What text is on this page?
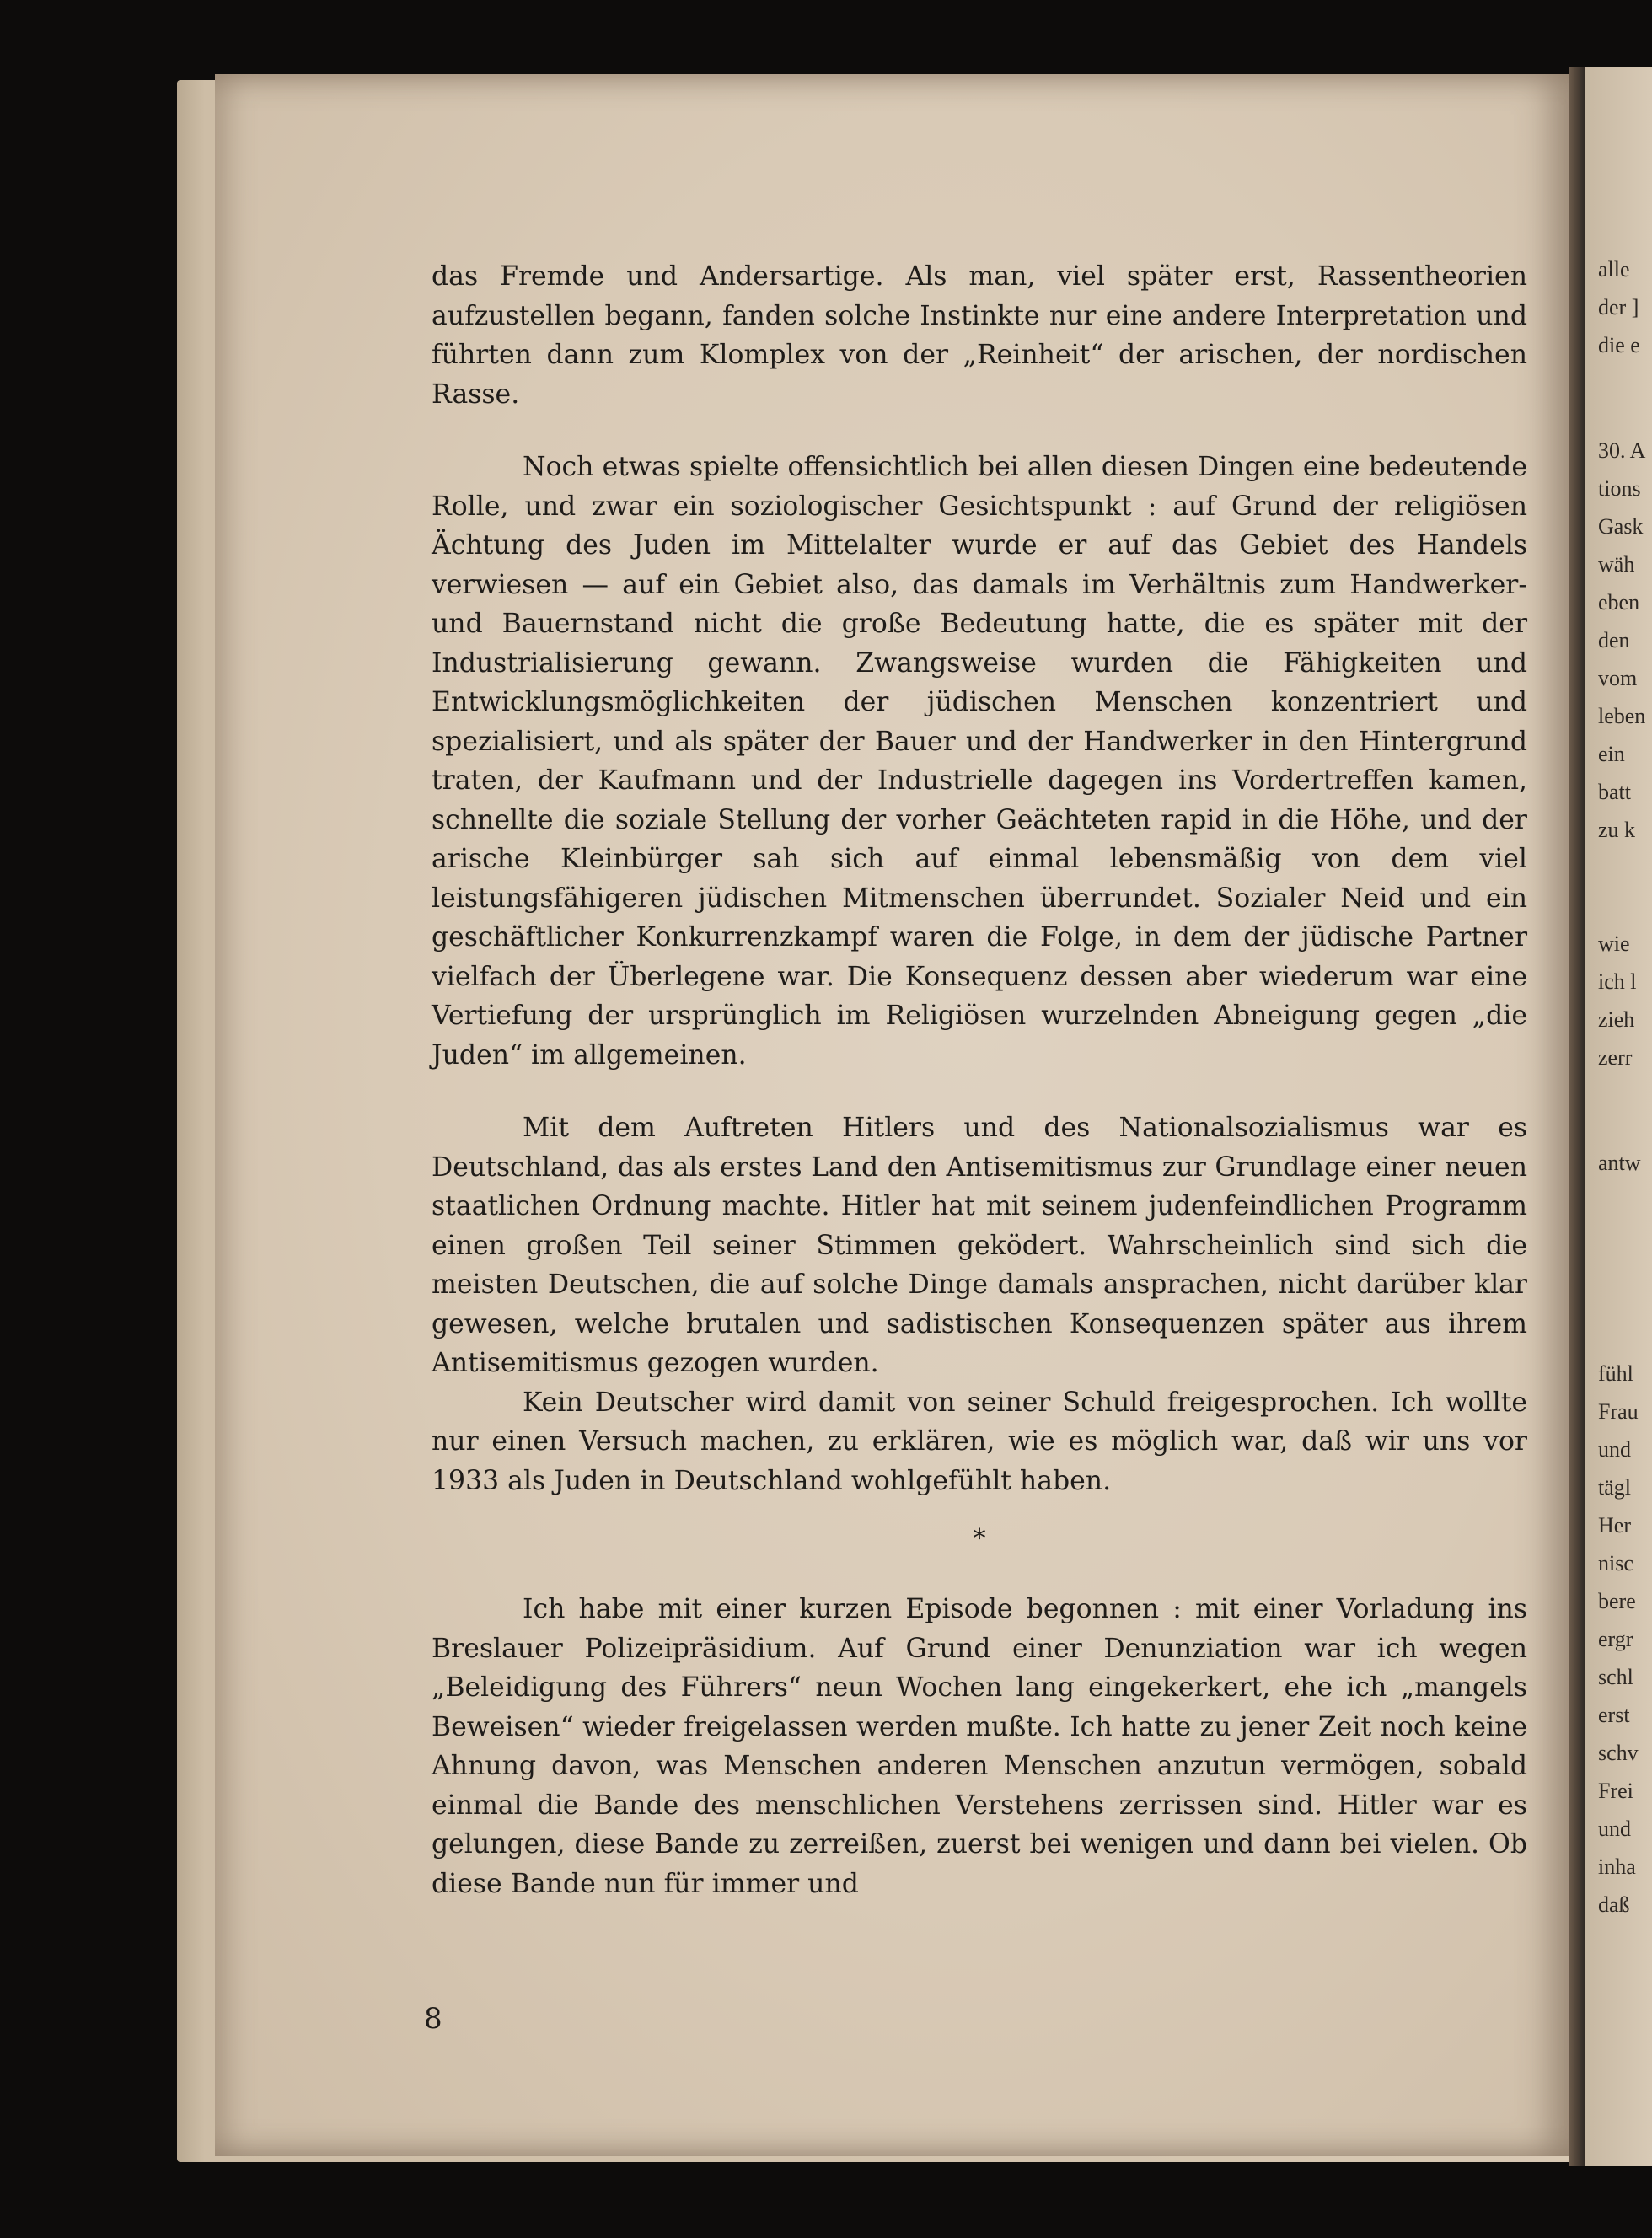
alle
der ]
die e
30. A
tions
Gask
wäh
eben
den
vom
leben
ein
batt
zu k
wie
ich l
zieh
zerr
antw
fühl
Frau
und
tägl
Her
nisc
bere
ergr
schl
erst
schv
Frei
und
inha
daß

das Fremde und Andersartige. Als man, viel später erst, Rassentheorien aufzustellen begann, fanden solche Instinkte nur eine andere Interpretation und führten dann zum Klomplex von der „Reinheit“ der arischen, der nordischen Rasse.

Noch etwas spielte offensichtlich bei allen diesen Dingen eine bedeutende Rolle, und zwar ein soziologischer Gesichtspunkt : auf Grund der religiösen Ächtung des Juden im Mittelalter wurde er auf das Gebiet des Handels verwiesen — auf ein Gebiet also, das damals im Verhältnis zum Handwerker- und Bauernstand nicht die große Bedeutung hatte, die es später mit der Industrialisierung gewann. Zwangsweise wurden die Fähigkeiten und Entwicklungsmöglichkeiten der jüdischen Menschen konzentriert und spezialisiert, und als später der Bauer und der Handwerker in den Hintergrund traten, der Kaufmann und der Industrielle dagegen ins Vordertreffen kamen, schnellte die soziale Stellung der vorher Geächteten rapid in die Höhe, und der arische Kleinbürger sah sich auf einmal lebensmäßig von dem viel leistungsfähigeren jüdischen Mitmenschen überrundet. Sozialer Neid und ein geschäftlicher Konkurrenzkampf waren die Folge, in dem der jüdische Partner vielfach der Überlegene war. Die Konsequenz dessen aber wiederum war eine Vertiefung der ursprünglich im Religiösen wurzelnden Abneigung gegen „die Juden“ im allgemeinen.

Mit dem Auftreten Hitlers und des Nationalsozialismus war es Deutschland, das als erstes Land den Antisemitismus zur Grundlage einer neuen staatlichen Ordnung machte. Hitler hat mit seinem judenfeindlichen Programm einen großen Teil seiner Stimmen geködert. Wahrscheinlich sind sich die meisten Deutschen, die auf solche Dinge damals ansprachen, nicht darüber klar gewesen, welche brutalen und sadistischen Konsequenzen später aus ihrem Antisemitismus gezogen wurden.

Kein Deutscher wird damit von seiner Schuld freigesprochen. Ich wollte nur einen Versuch machen, zu erklären, wie es möglich war, daß wir uns vor 1933 als Juden in Deutschland wohlgefühlt haben.

*

Ich habe mit einer kurzen Episode begonnen : mit einer Vorladung ins Breslauer Polizeipräsidium. Auf Grund einer Denunziation war ich wegen „Beleidigung des Führers“ neun Wochen lang eingekerkert, ehe ich „mangels Beweisen“ wieder freigelassen werden mußte. Ich hatte zu jener Zeit noch keine Ahnung davon, was Menschen anderen Menschen anzutun vermögen, sobald einmal die Bande des menschlichen Verstehens zerrissen sind. Hitler war es gelungen, diese Bande zu zerreißen, zuerst bei wenigen und dann bei vielen. Ob diese Bande nun für immer und

8
